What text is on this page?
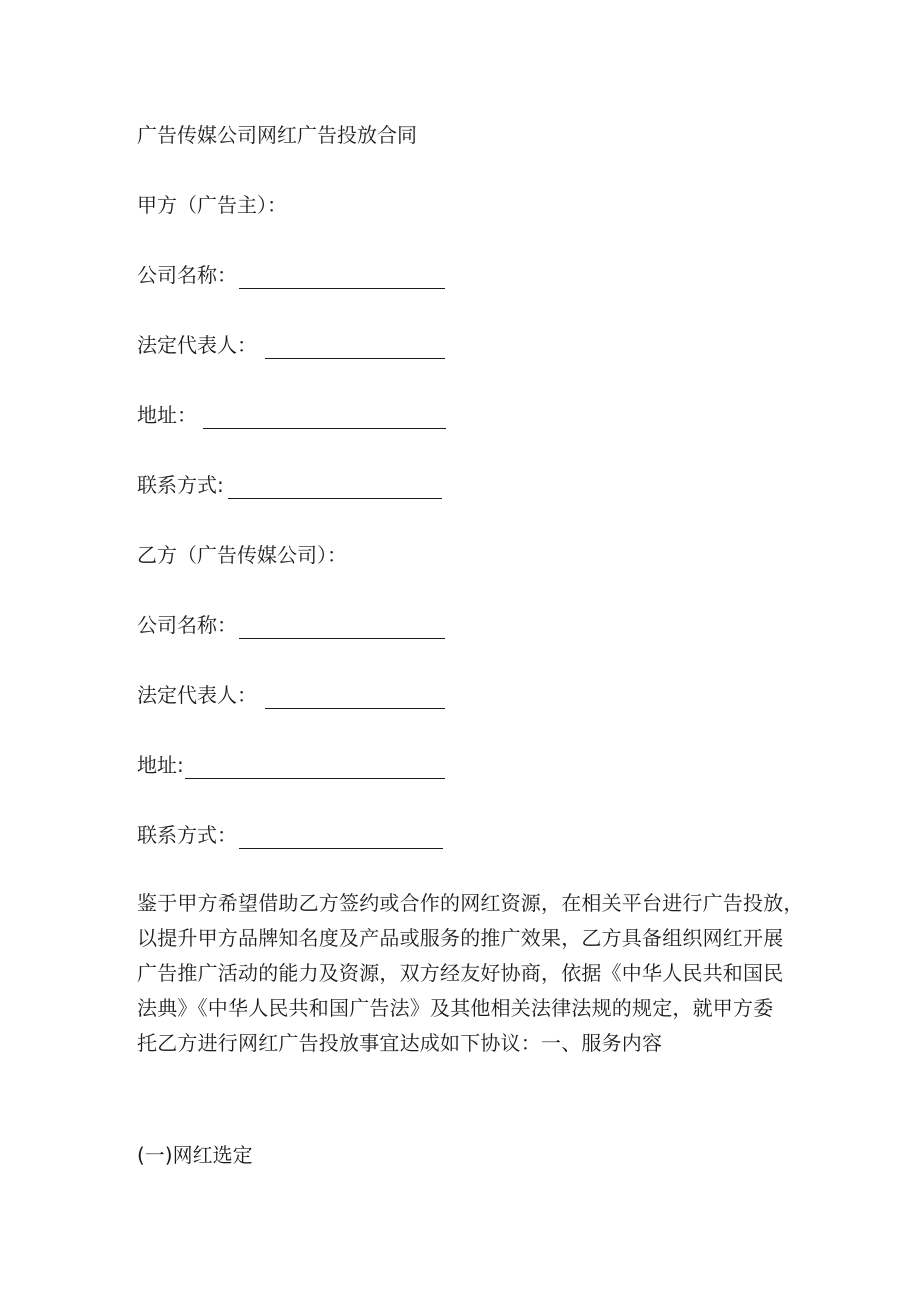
广告传媒公司网红广告投放合同
甲方（广告主）：
公司名称：
法定代表人：
地址：
联系方式:
乙方（广告传媒公司）：
公司名称：
法定代表人：
地址:
联系方式：
鉴于甲方希望借助乙方签约或合作的网红资源，在相关平台进行广告投放，
以提升甲方品牌知名度及产品或服务的推广效果，乙方具备组织网红开展
广告推广活动的能力及资源，双方经友好协商，依据《中华人民共和国民
法典》《中华人民共和国广告法》及其他相关法律法规的规定，就甲方委
托乙方进行网红广告投放事宜达成如下协议：一、服务内容
(一)网红选定
